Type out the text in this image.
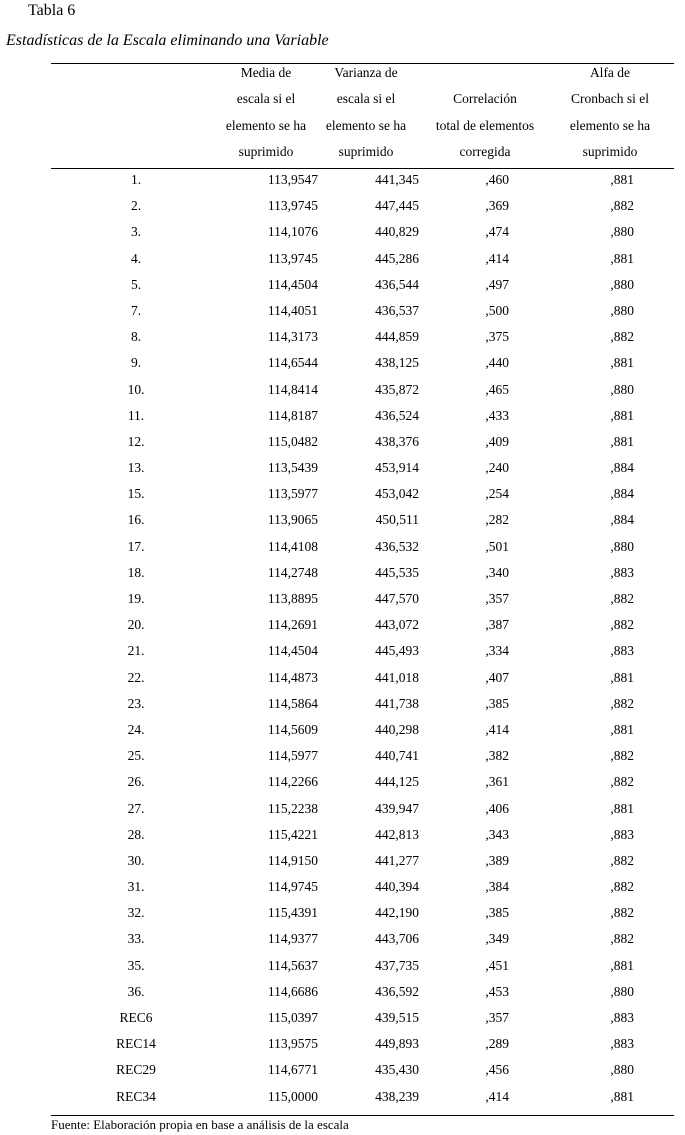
Tabla 6
Estadísticas de la Escala eliminando una Variable
Media de
escala si el
elemento se ha
suprimido
Varianza de
escala si el
elemento se ha
suprimido
Correlación
total de elementos
corregida
Alfa de
Cronbach si el
elemento se ha
suprimido
1.	113,9547	441,345	,460	,881
2.	113,9745	447,445	,369	,882
3.	114,1076	440,829	,474	,880
4.	113,9745	445,286	,414	,881
5.	114,4504	436,544	,497	,880
7.	114,4051	436,537	,500	,880
8.	114,3173	444,859	,375	,882
9.	114,6544	438,125	,440	,881
10.	114,8414	435,872	,465	,880
11.	114,8187	436,524	,433	,881
12.	115,0482	438,376	,409	,881
13.	113,5439	453,914	,240	,884
15.	113,5977	453,042	,254	,884
16.	113,9065	450,511	,282	,884
17.	114,4108	436,532	,501	,880
18.	114,2748	445,535	,340	,883
19.	113,8895	447,570	,357	,882
20.	114,2691	443,072	,387	,882
21.	114,4504	445,493	,334	,883
22.	114,4873	441,018	,407	,881
23.	114,5864	441,738	,385	,882
24.	114,5609	440,298	,414	,881
25.	114,5977	440,741	,382	,882
26.	114,2266	444,125	,361	,882
27.	115,2238	439,947	,406	,881
28.	115,4221	442,813	,343	,883
30.	114,9150	441,277	,389	,882
31.	114,9745	440,394	,384	,882
32.	115,4391	442,190	,385	,882
33.	114,9377	443,706	,349	,882
35.	114,5637	437,735	,451	,881
36.	114,6686	436,592	,453	,880
REC6	115,0397	439,515	,357	,883
REC14	113,9575	449,893	,289	,883
REC29	114,6771	435,430	,456	,880
REC34	115,0000	438,239	,414	,881
Fuente: Elaboración propia en base a análisis de la escala
